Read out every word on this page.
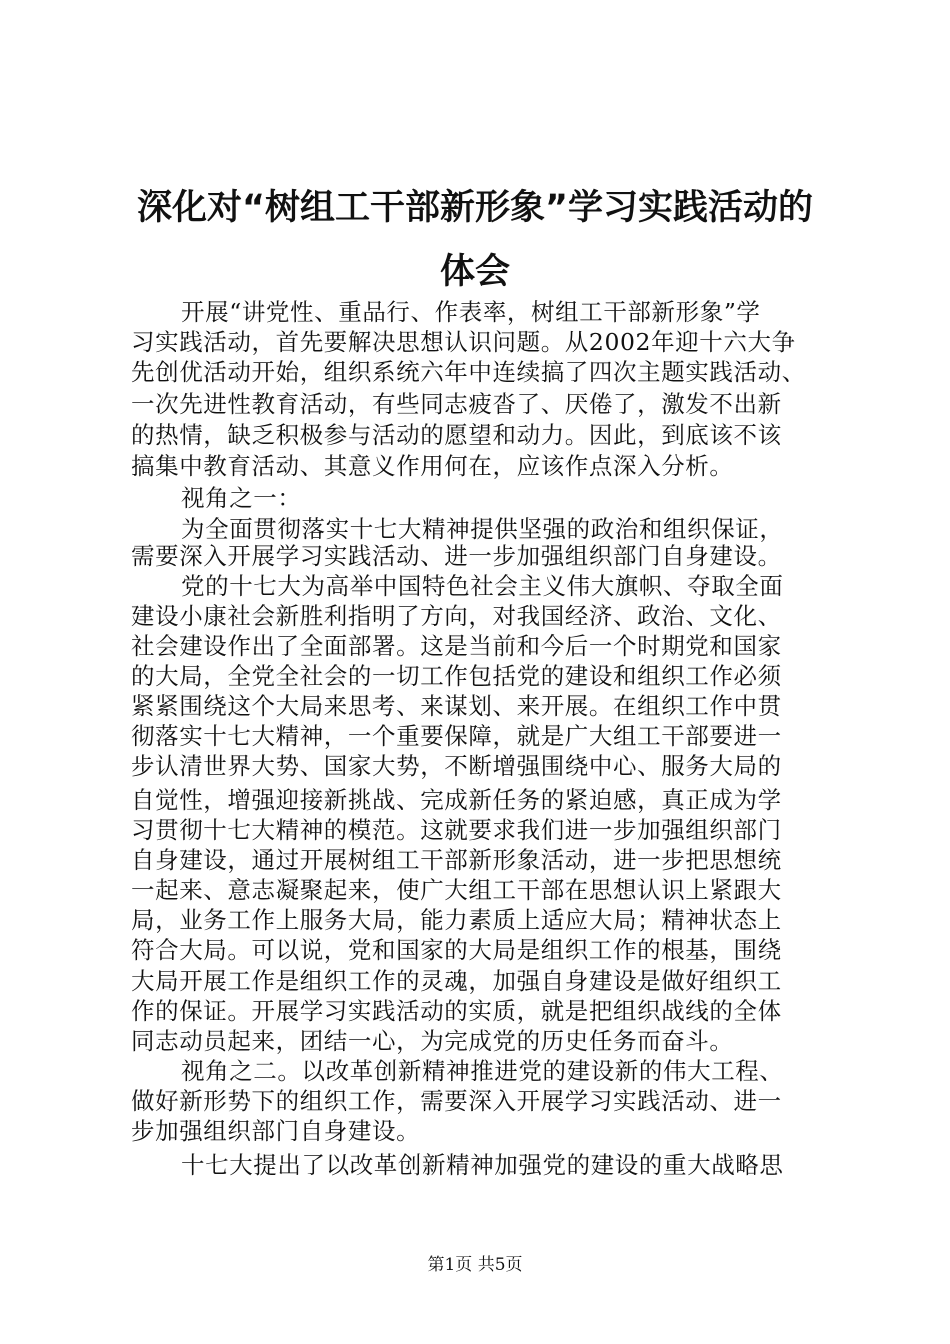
深化对“树组工干部新形象”学习实践活动的
体会

开展“讲党性、重品行、作表率，树组工干部新形象”学

习实践活动，首先要解决思想认识问题。从2002年迎十六大争

先创优活动开始，组织系统六年中连续搞了四次主题实践活动、

一次先进性教育活动，有些同志疲沓了、厌倦了，激发不出新

的热情，缺乏积极参与活动的愿望和动力。因此，到底该不该

搞集中教育活动、其意义作用何在，应该作点深入分析。

视角之一：

为全面贯彻落实十七大精神提供坚强的政治和组织保证，

需要深入开展学习实践活动、进一步加强组织部门自身建设。

党的十七大为高举中国特色社会主义伟大旗帜、夺取全面

建设小康社会新胜利指明了方向，对我国经济、政治、文化、

社会建设作出了全面部署。这是当前和今后一个时期党和国家

的大局，全党全社会的一切工作包括党的建设和组织工作必须

紧紧围绕这个大局来思考、来谋划、来开展。在组织工作中贯

彻落实十七大精神，一个重要保障，就是广大组工干部要进一

步认清世界大势、国家大势，不断增强围绕中心、服务大局的

自觉性，增强迎接新挑战、完成新任务的紧迫感，真正成为学

习贯彻十七大精神的模范。这就要求我们进一步加强组织部门

自身建设，通过开展树组工干部新形象活动，进一步把思想统

一起来、意志凝聚起来，使广大组工干部在思想认识上紧跟大

局，业务工作上服务大局，能力素质上适应大局；精神状态上

符合大局。可以说，党和国家的大局是组织工作的根基，围绕

大局开展工作是组织工作的灵魂，加强自身建设是做好组织工

作的保证。开展学习实践活动的实质，就是把组织战线的全体

同志动员起来，团结一心，为完成党的历史任务而奋斗。

视角之二。以改革创新精神推进党的建设新的伟大工程、

做好新形势下的组织工作，需要深入开展学习实践活动、进一

步加强组织部门自身建设。

十七大提出了以改革创新精神加强党的建设的重大战略思

第1页 共5页
